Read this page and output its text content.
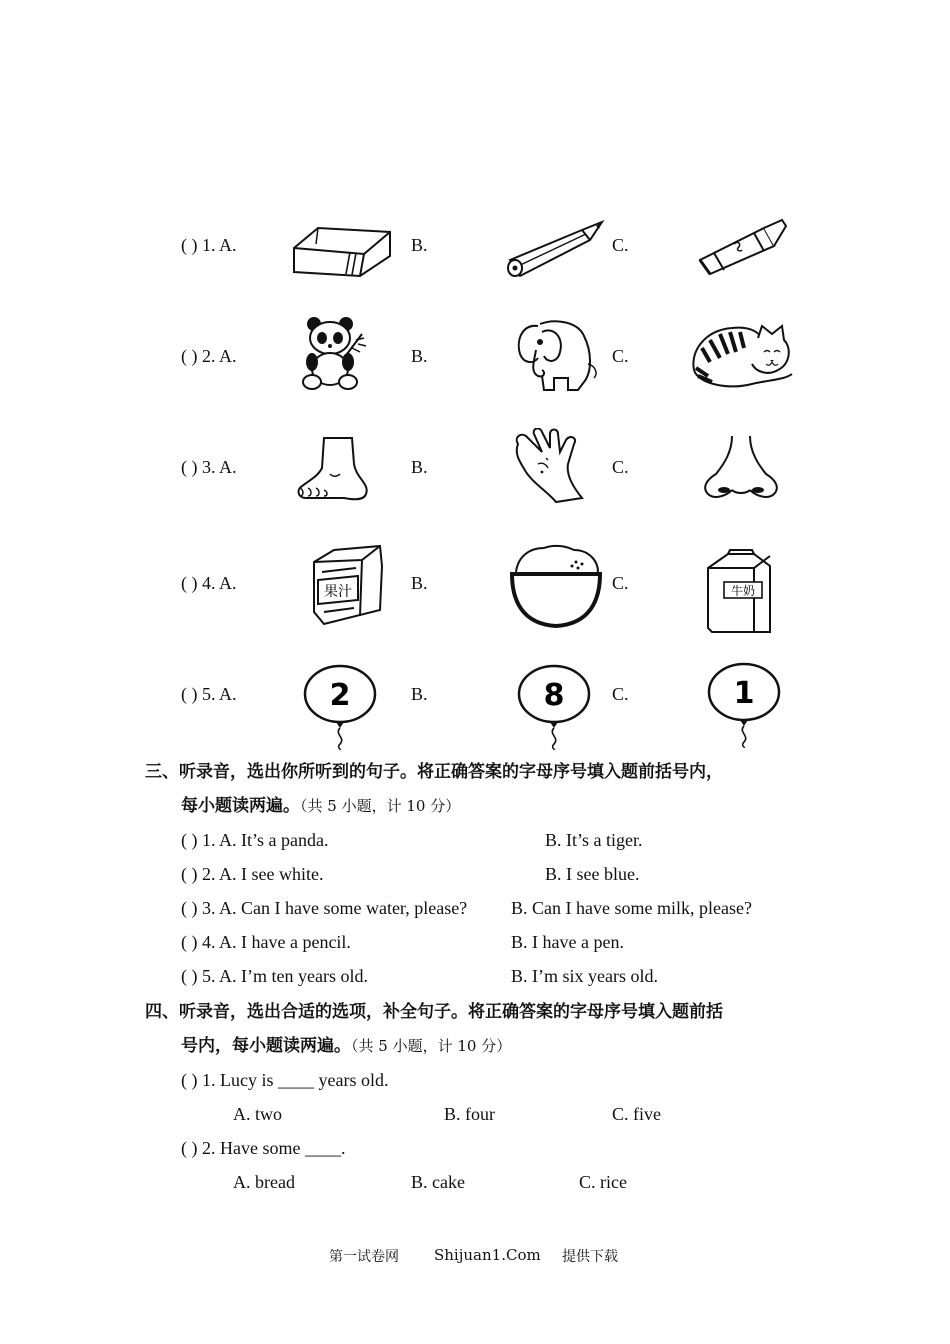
( ) 1. A.	B.	C.
( ) 2. A.	B.	C.
( ) 3. A.	B.	C.
( ) 4. A.	B.	C.
果汁	牛奶
( ) 5. A.	B.	C.
2	8	1
三、听录音，选出你所听到的句子。将正确答案的字母序号填入题前括号内，
每小题读两遍。（共 5 小题，计 10 分）
( ) 1. A. It’s a panda.	B. It’s a tiger.
( ) 2. A. I see white.	B. I see blue.
( ) 3. A. Can I have some water, please? B. Can I have some milk, please?
( ) 4. A. I have a pencil.	B. I have a pen.
( ) 5. A. I’m ten years old.	B. I’m six years old.
四、听录音，选出合适的选项，补全句子。将正确答案的字母序号填入题前括
号内，每小题读两遍。（共 5 小题，计 10 分）
( ) 1. Lucy is ____ years old.
A. two	B. four	C. five
( ) 2. Have some ____.
A. bread	B. cake	C. rice
第一试卷网 Shijuan1.Com 提供下载
